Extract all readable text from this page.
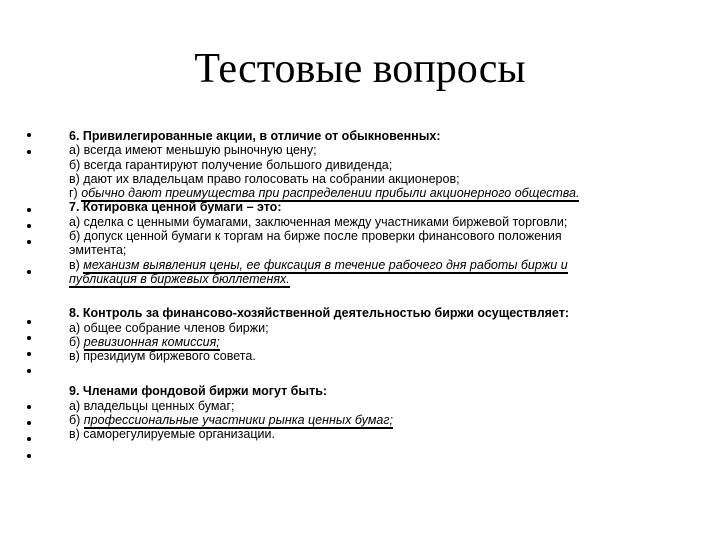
Тестовые вопросы
6. Привилегированные акции, в отличие от обыкновенных:
а) всегда имеют меньшую рыночную цену;
б) всегда гарантируют получение большого дивиденда;
в) дают их владельцам право голосовать на собрании акционеров;
г) обычно дают преимущества при распределении прибыли акционерного общества.
7. Котировка ценной бумаги – это:
а) сделка с ценными бумагами, заключенная между участниками биржевой торговли;
б) допуск ценной бумаги к торгам на бирже после проверки финансового положения
эмитента;
в) механизм выявления цены, ее фиксация в течение рабочего дня работы биржи и
публикация в биржевых бюллетенях.
8. Контроль за финансово-хозяйственной деятельностью биржи осуществляет:
а) общее собрание членов биржи;
б) ревизионная комиссия;
в) президиум биржевого совета.
9. Членами фондовой биржи могут быть:
а) владельцы ценных бумаг;
б) профессиональные участники рынка ценных бумаг;
в) саморегулируемые организации.
